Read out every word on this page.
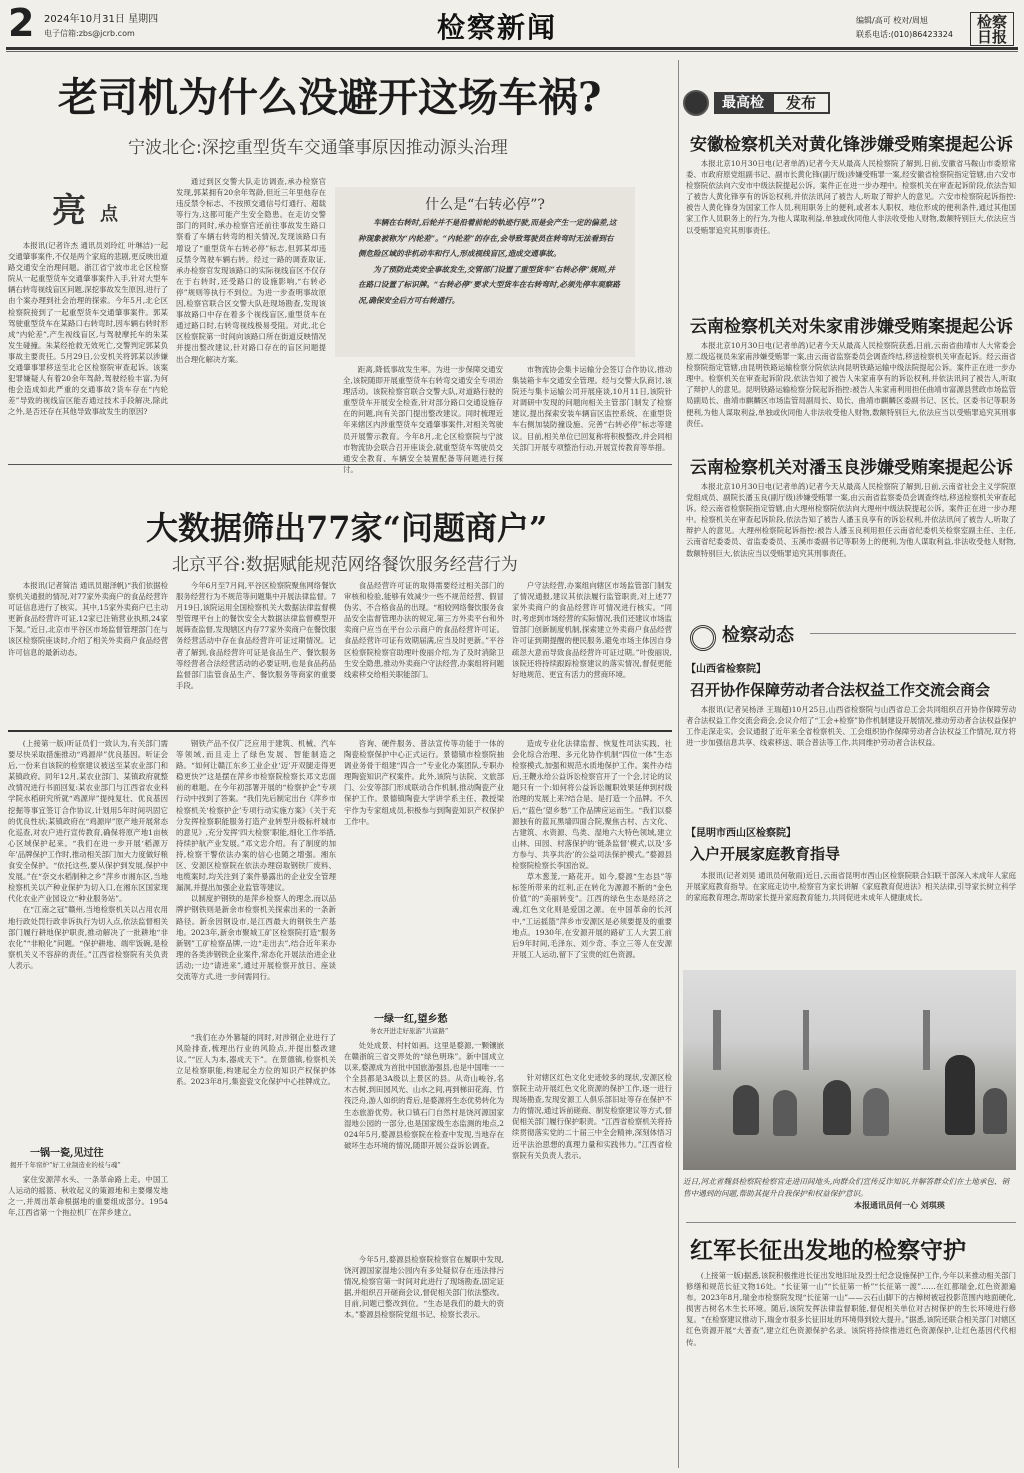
2 2024年10月31日 星期四
电子信箱:zbs@jcrb.com	检察新闻	编辑/高可 校对/周旭
联系电话:(010)86423324
检察日报
老司机为什么没避开这场车祸?
宁波北仑:深挖重型货车交通肇事原因推动源头治理
亮 点

本报讯(记者许杰 通讯员刘玲红 叶琳洁)一起交通肇事案件,不仅是两个家庭的悲剧,更反映出道路交通安全治理问题。浙江省宁波市北仑区检察院从一起重型货车交通肇事案件入手,针对大型车辆右转弯视线盲区问题,深挖事故发生原因,进行了由个案办理到社会治理的探索。今年5月,北仑区检察院接到了一起重型货车交通肇事案件。郭某驾驶重型货车在某路口右转弯时,因车辆右转时形成“内轮差”,产生视线盲区,与驾驶摩托车的朱某发生碰撞。朱某经抢救无效死亡,交警判定郭某负事故主要责任。5月29日,公安机关将郭某以涉嫌交通肇事罪移送至北仑区检察院审查起诉。该案犯罪嫌疑人有着20余年驾龄,驾驶经验丰富,为何他会造成如此严重的交通事故?货车存在“内轮差”导致的视线盲区能否通过技术手段解决,除此之外,是否还存在其他导致事故发生的原因?

通过到区交警大队走访调查,承办检察官发现,郭某拥有20余年驾龄,但近三年里他存在违反禁令标志、不按照交通信号灯通行、超载等行为,这都可能产生安全隐患。在走访交警部门的同时,承办检察官还前往事故发生路口察看了车辆右转弯的相关情况,发现该路口有增设了“重型货车右转必停”标志,但郭某却违反禁令驾驶车辆右转。经过一路的调查取证,承办检察官发现该路口的实际视线盲区不仅存在于右转时,还受路口的设施影响,“右转必停”规则等执行不到位。为进一步查明事故原因,检察官联合区交警大队赴现场勘查,发现该事故路口中存在着多个视线盲区,重型货车在通过路口时,右转弯视线极易受阻。对此,北仑区检察院第一时间向该路口所在街道反映情况并提出整改建议,针对路口存在的盲区问题提出合理化解决方案。

什么是“右转必停”?

车辆在右转时,后轮并不是沿着前轮的轨迹行驶,而是会产生一定的偏差,这种现象被称为“内轮差”。“内轮差”的存在,会导致驾驶员在转弯时无法看到右侧危险区域的非机动车和行人,形成视线盲区,造成交通事故。

为了预防此类安全事故发生,交管部门设置了重型货车“右转必停”规则,并在路口设置了标识牌。“右转必停”要求大型货车在右转弯时,必须先停车观察路况,确保安全后方可右转通行。

距离,降低事故发生率。为进一步保障交通安全,该院随即开展重型货车右转弯交通安全专项治理活动。该院检察官联合交警大队,对道路行驶的重型货车开展安全检查,针对部分路口交通设施存在的问题,向有关部门提出整改建议。同时梳理近年来辖区内涉重型货车交通肇事案件,对相关驾驶员开展警示教育。今年8月,北仑区检察院与宁波市物流协会联合召开座谈会,就重型货车驾驶员交通安全教育、车辆安全装置配备等问题进行探讨。

市物流协会集卡运输分会签订合作协议,推动集装箱卡车交通安全管理。经与交警大队商讨,该院还与集卡运输公司开展座谈,10月11日,该院针对调研中发现的问题向相关主管部门制发了检察建议,提出探索安装车辆盲区监控系统、在重型货车右侧加装防撞设施、完善“右转必停”标志等建议。目前,相关单位已回复称将积极整改,并会同相关部门开展专项整治行动,开展宣传教育等举措。

大数据筛出77家“问题商户”
北京平谷:数据赋能规范网络餐饮服务经营行为

本报讯(记者简洁 通讯员谢泽帆)“我们依据检察机关通报的情况,对77家外卖商户的食品经营许可证信息进行了核实。其中,15家外卖商户已主动更新食品经营许可证,12家已注销营业执照,24家下架。”近日,北京市平谷区市场监督管理部门在与该区检察院座谈时,介绍了相关外卖商户食品经营许可信息的最新动态。

今年6月至7月间,平谷区检察院聚焦网络餐饮服务经营行为不规范等问题集中开展法律监督。7月19日,该院运用全国检察机关大数据法律监督模型管理平台上的餐饮安全大数据法律监督模型开展筛查监督,发现辖区内存77家外卖商户在餐饮服务经营活动中存在食品经营许可证过期情况。记者了解到,食品经营许可证是食品生产、餐饮服务等经营者合法经营活动的必要证明,也是食品药品监督部门监管食品生产、餐饮服务等商家的重要手段。

食品经营许可证的取得需要经过相关部门的审核和检验,能够有效减少一些不规范经营、假冒伪劣、不合格食品的出现。“相较网络餐饮服务食品安全监督管理办法的规定,第三方外卖平台和外卖商户应当在平台公示商户的食品经营许可证。食品经营许可证有效期届满,应当及时更新。”平谷区检察院检察官助理叶俊丽介绍,为了及时消除卫生安全隐患,推动外卖商户守法经营,办案组将问题线索移交给相关职能部门。

户守法经营,办案组向辖区市场监管部门制发了情况通报,建议其依法履行监管职责,对上述77家外卖商户的食品经营许可情况进行核实。“同时,考虑到市场经营的实际情况,我们还建议市场监管部门创新制度机制,探索建立外卖商户食品经营许可证到期提醒的便民服务,避免市场主体因自身疏忽大意而导致食品经营许可证过期。”叶俊丽说,该院还将持续跟踪检察建议的落实情况,督促更能好地规范、更宜有活力的营商环境。

(上接第一版)听证员们一致认为,有关部门需要尽快采取措施推动“鸡源岸”优良基因。听证会后,一份来自该院的检察建议被送至某农业部门和某镇政府。同年12月,某农业部门、某镇政府就整改情况进行书面回复:某农业部门与江西省农业科学院水稻研究所就“鸡源岸”提纯复壮、优良基因挖掘等事宜签订合作协议,计划用5年时间巩固它的优良性状;某镇政府在“鸡源岸”原产地开展常态化巡查,对农户进行宣传教育,确保将原产地1亩核心区域保护起来。“我们在进一步开展‘稻源万年’品牌保护工作时,推动相关部门加大力度做好粮食安全保护。“依托这些,要从保护到发展,保护中发展。”在“奈交水稻制种之乡”萍乡市湘东区,当地检察机关以产种业保护为切入口,在湘东区国家现代化农业产业园设立“种业服务站”。

在“江南之冠”赣州,当地检察机关以占用农用地行政处罚行政非诉执行为切入点,依法监督相关部门履行耕地保护职责,推动解决了一批耕地“非农化”“非粮化”问题。“保护耕地、端牢饭碗,是检察机关义不容辞的责任。”江西省检察院有关负责人表示。

一锅一瓷,见过往
揭开千年窑炉“好工业制造业的枝与魂”

家住安源萍水头、一条革命路上走。中国工人运动的摇篮、秋收起义的策源地和主要爆发地之一,并周出革命根据地的重要组成部分。1954年,江西省第一个拖拉机厂在萍乡建立。

钢铁产品不仅广泛应用于建筑、机械、汽车等领域,而且走上了绿色发展、智能制造之路。“如何让赣江东乡工业企业‘迈’开双腿走得更稳更快?”这是摆在萍乡市检察院检察长邓文忠面前的难题。在今年初部署开展的“检察护企”专项行动中找到了答案。“我们先后制定出台《萍乡市检察机关‘检察护企’专项行动实施方案》《关于充分发挥检察职能服务打造产业转型升级标杆城市的意见》,充分发挥‘四大检察’职能,细化工作举措,持续护航产业发展。”邓文忠介绍。有了制度的加持,检察干警依法办案的信心也随之增强。湘东区、安源区检察院在依法办理窃取钢铁厂废料、电缆案时,均关注到了案件暴露出的企业安全管理漏洞,并提出加强企业监管等建议。

以制度护钢铁的是萍乡检察人的理念,而以品牌护钢铁则是新余市检察机关探索出来的一条新路径。新余因钢设市,是江西最大的钢铁生产基地。2023年,新余市聚城工矿区检察院打造“服务新钢”工矿检察品牌,一边“走出去”,结合近年来办理的各类涉钢铁企业案件,常态化开展法治进企业活动;一边“请进来”,通过开展检察开放日、座谈交流等方式,进一步问需同行。

“我们在办外篡疑的同时,对涉钢企业进行了风险排查,梳理出行业的风险点,并提出整改建议。”“匠人为本,器成天下”。在景德镇,检察机关立足检察职能,构建起全方位的知识产权保护体系。2023年8月,集瓷瓷文化保护中心挂牌成立。

咨询、硬件服务、普法宣传等功能于一体的陶瓷检察保护中心正式运行。景德镇市检察院抽调业务骨干组建“四合一”专业化办案团队,专职办理陶瓷知识产权案件。此外,该院与法院、文旅部门、公安等部门形成联动合作机制,推动陶瓷产业保护工作。景德镇陶瓷大学讲学系主任、教授梁宇作为专家组成员,积极参与到陶瓷知识产权保护工作中。

一绿一红,望乡愁
务农开进走好旅游“共富路”

处处成景、村村如画。这里是婺源,一颗镶嵌在赣浙皖三省交界处的“绿色明珠”。新中国成立以来,婺源成为首批中国旅游强县,也是中国唯一一个全县都是3A级以上景区的县。从奇山峻谷,名木古树,到田园风光、山水之间,再到梯田花海、竹筏泛舟,游人如织的背后,是婺源将生态优势转化为生态旅游优势。秋口镇石门自然村是饶河源国家湿地公园的一部分,也是国家级生态监测的地点,2024年5月,婺源县检察院在检查中发现,当地存在破坏生态环境的情况,随即开展公益诉讼调查。

今年5月,婺源县检察院检察官在履职中发现,饶河源国家湿地公园内有多处疑似存在违法排污情况,检察官第一时间对此进行了现场勘查,固定证据,并组织召开磋商会议,督促相关部门依法整改。目前,问题已整改到位。“生态是我们的最大的资本。”婺源县检察院党组书记、检察长表示。

造成专业化法律监督、恢复性司法实践、社会化综合治理、多元化协作机制“四位一体”生态检察模式,加强和规范水质地保护工作。案件办结后,王鞭永给公益诉讼检察官开了一个会,讨论的议题只有一个:如何将公益诉讼履职效果延伸到村级治理的发展上来?结合是、是打造一个品牌。不久后,“‘蓝色’望乡愁”工作品牌应运而生。“我们以婺源独有的蓝瓦黑墙四面合院,聚焦古村、古文化、古建筑、水资源、鸟类、湿地六大特色领域,建立山林、田园、村落保护的‘链条监督’模式,以及‘多方参与、共享共治’的公益司法保护模式。”婺源县检察院检察长李国治说。

草木葱茏,一路花开。如今,婺源“生态县”等标签所带来的红利,正在转化为源源不断的“金色价值”的“美丽转变”。江西的绿色生态是经济之魂,红色文化则是爱国之源。在中国革命的长河中,“工运摇篮”萍乡市安源区是必须要提及的重要地点。1930年,在安源开展的路矿工人大罢工前后9年时间,毛泽东、刘少奇、李立三等人在安源开展工人运动,留下了宝贵的红色资源。

针对辖区红色文化史迹较多的现状,安源区检察院主动开展红色文化资源的保护工作,逐一进行现场勘查,发现安源工人俱乐部旧址等存在保护不力的情况,通过诉前磋商、制发检察建议等方式,督促相关部门履行保护职责。“江西省检察机关将持续贯彻落实党的二十届三中全会精神,深刻体悟习近平法治思想的真理力量和实践伟力。”江西省检察院有关负责人表示。

最高检	发布
安徽检察机关对黄化锋涉嫌受贿案提起公诉

本报北京10月30日电(记者单鸽)记者今天从最高人民检察院了解到,日前,安徽省马鞍山市委原常委、市政府原党组副书记、副市长黄化锋(副厅级)涉嫌受贿罪一案,经安徽省检察院指定管辖,由六安市检察院依法向六安市中级法院提起公诉。案件正在进一步办理中。检察机关在审查起诉阶段,依法告知了被告人黄化锋享有的诉讼权利,并依法讯问了被告人,听取了辩护人的意见。六安市检察院起诉指控:被告人黄化锋身为国家工作人员,利用职务上的便利,或者本人职权、地位形成的便利条件,通过其他国家工作人员职务上的行为,为他人谋取利益,单独或伙同他人非法收受他人财物,数额特别巨大,依法应当以受贿罪追究其刑事责任。

云南检察机关对朱家甫涉嫌受贿案提起公诉

本报北京10月30日电(记者单鸽)记者今天从最高人民检察院获悉,日前,云南省曲靖市人大常委会原二级巡视员朱家甫涉嫌受贿罪一案,由云南省监察委员会调查终结,移送检察机关审查起诉。经云南省检察院指定管辖,由昆明铁路运输检察分院依法向昆明铁路运输中级法院提起公诉。案件正在进一步办理中。检察机关在审查起诉阶段,依法告知了被告人朱家甫享有的诉讼权利,并依法讯问了被告人,听取了辩护人的意见。昆明铁路运输检察分院起诉指控:被告人朱家甫利用担任曲靖市富源县营政市场监管局副局长、曲靖市麒麟区市场监管局副局长、局长、曲靖市麒麟区委副书记、区长、区委书记等职务便利,为他人谋取利益,单独或伙同他人非法收受他人财物,数额特别巨大,依法应当以受贿罪追究其刑事责任。

云南检察机关对潘玉良涉嫌受贿案提起公诉

本报北京10月30日电(记者单鸽)记者今天从最高人民检察院了解到,日前,云南省社会主义学院原党组成员、副院长潘玉良(副厅级)涉嫌受贿罪一案,由云南省监察委员会调查终结,移送检察机关审查起诉。经云南省检察院指定管辖,由大理州检察院依法向大理州中级法院提起公诉。案件正在进一步办理中。检察机关在审查起诉阶段,依法告知了被告人潘玉良享有的诉讼权利,并依法讯问了被告人,听取了辩护人的意见。大理州检察院起诉指控:被告人潘玉良利用担任云南省纪委机关检察室副主任、主任,云南省纪委委员、省监委委员、玉溪市委副书记等职务上的便利,为他人谋取利益,非法收受他人财物,数额特别巨大,依法应当以受贿罪追究其刑事责任。

检察动态
【山西省检察院】
召开协作保障劳动者合法权益工作交流会商会

本报讯(记者吴杨泽 王瑞超)10月25日,山西省检察院与山西省总工会共同组织召开协作保障劳动者合法权益工作交流会商会,会议介绍了“工会+检察”协作机制建设开展情况,推动劳动者合法权益保护工作走深走实。会议通报了近年来全省检察机关、工会组织协作保障劳动者合法权益工作情况,双方将进一步加强信息共享、线索移送、联合普法等工作,共同维护劳动者合法权益。

【昆明市西山区检察院】
入户开展家庭教育指导

本报讯(记者刘昊 通讯员何敬雨)近日,云南省昆明市西山区检察院联合妇联干部深入未成年人家庭开展家庭教育指导。在家庭走访中,检察官为家长讲解《家庭教育促进法》相关法律,引导家长树立科学的家庭教育理念,帮助家长提升家庭教育能力,共同促进未成年人健康成长。

近日,河北省魏县检察院检察官走进田间地头,向群众们宣传反诈知识,并解答群众们在土地承包、销售中遇到的问题,帮助其提升自我保护和权益保护意识。
本报通讯员何一心 刘琪瑛
红军长征出发地的检察守护

(上接第一版)据悉,该院积极推进长征出发地旧址及烈士纪念设施保护工作,今年以来推动相关部门修缮和规范长征文物16处。“长征第一山”“长征第一桥”“长征第一渡”……在红都瑞金,红色资源遍布。2023年8月,瑞金市检察院发现“长征第一山”——云石山脚下的古樟树被冠投影范围内地面硬化,损害古树名木生长环境。随后,该院发挥法律监督职能,督促相关单位对古树保护的生长环境进行修复。“在检察建议推动下,瑞金市很多长征旧址的环境得到较大提升。”据悉,该院还联合相关部门对辖区红色资源开展“大普查”,建立红色资源保护名录。该院将持续推进红色资源保护,让红色基因代代相传。
